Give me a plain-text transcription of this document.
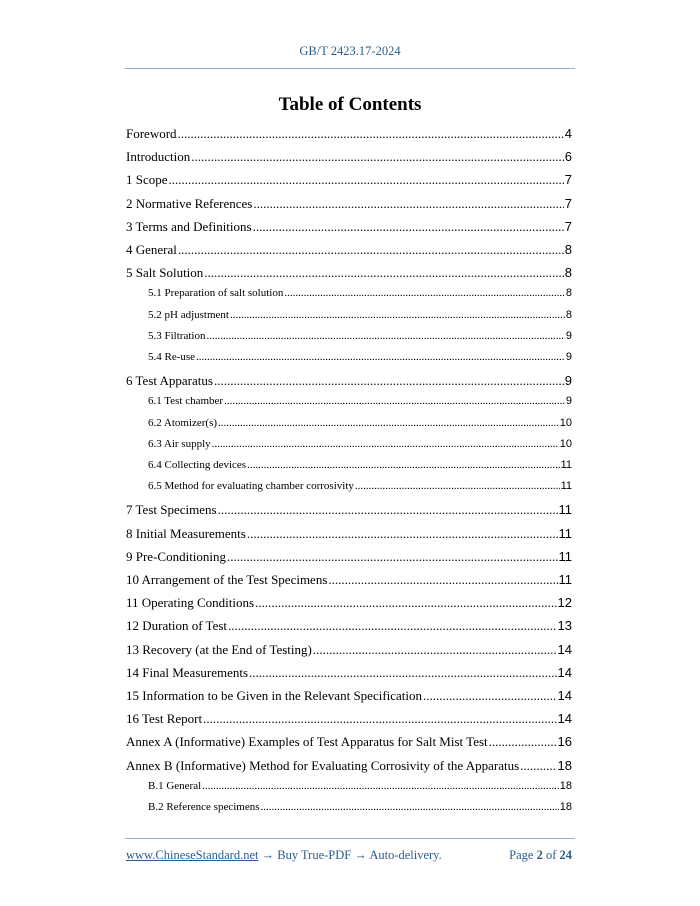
GB/T 2423.17-2024
Table of Contents
Foreword .....	4
Introduction .....	6
1 Scope .....	7
2 Normative References .....	7
3 Terms and Definitions .....	7
4 General .....	8
5 Salt Solution .....	8
5.1 Preparation of salt solution .....	8
5.2 pH adjustment .....	8
5.3 Filtration .....	9
5.4 Re-use .....	9
6 Test Apparatus .....	9
6.1 Test chamber .....	9
6.2 Atomizer(s) .....	10
6.3 Air supply .....	10
6.4 Collecting devices .....	11
6.5 Method for evaluating chamber corrosivity .....	11
7 Test Specimens .....	11
8 Initial Measurements .....	11
9 Pre-Conditioning .....	11
10 Arrangement of the Test Specimens .....	11
11 Operating Conditions .....	12
12 Duration of Test .....	13
13 Recovery (at the End of Testing) .....	14
14 Final Measurements .....	14
15 Information to be Given in the Relevant Specification .....	14
16 Test Report .....	14
Annex A (Informative) Examples of Test Apparatus for Salt Mist Test .....	16
Annex B (Informative) Method for Evaluating Corrosivity of the Apparatus .....	18
B.1 General .....	18
B.2 Reference specimens .....	18
www.ChineseStandard.net → Buy True-PDF → Auto-delivery.	Page 2 of 24
